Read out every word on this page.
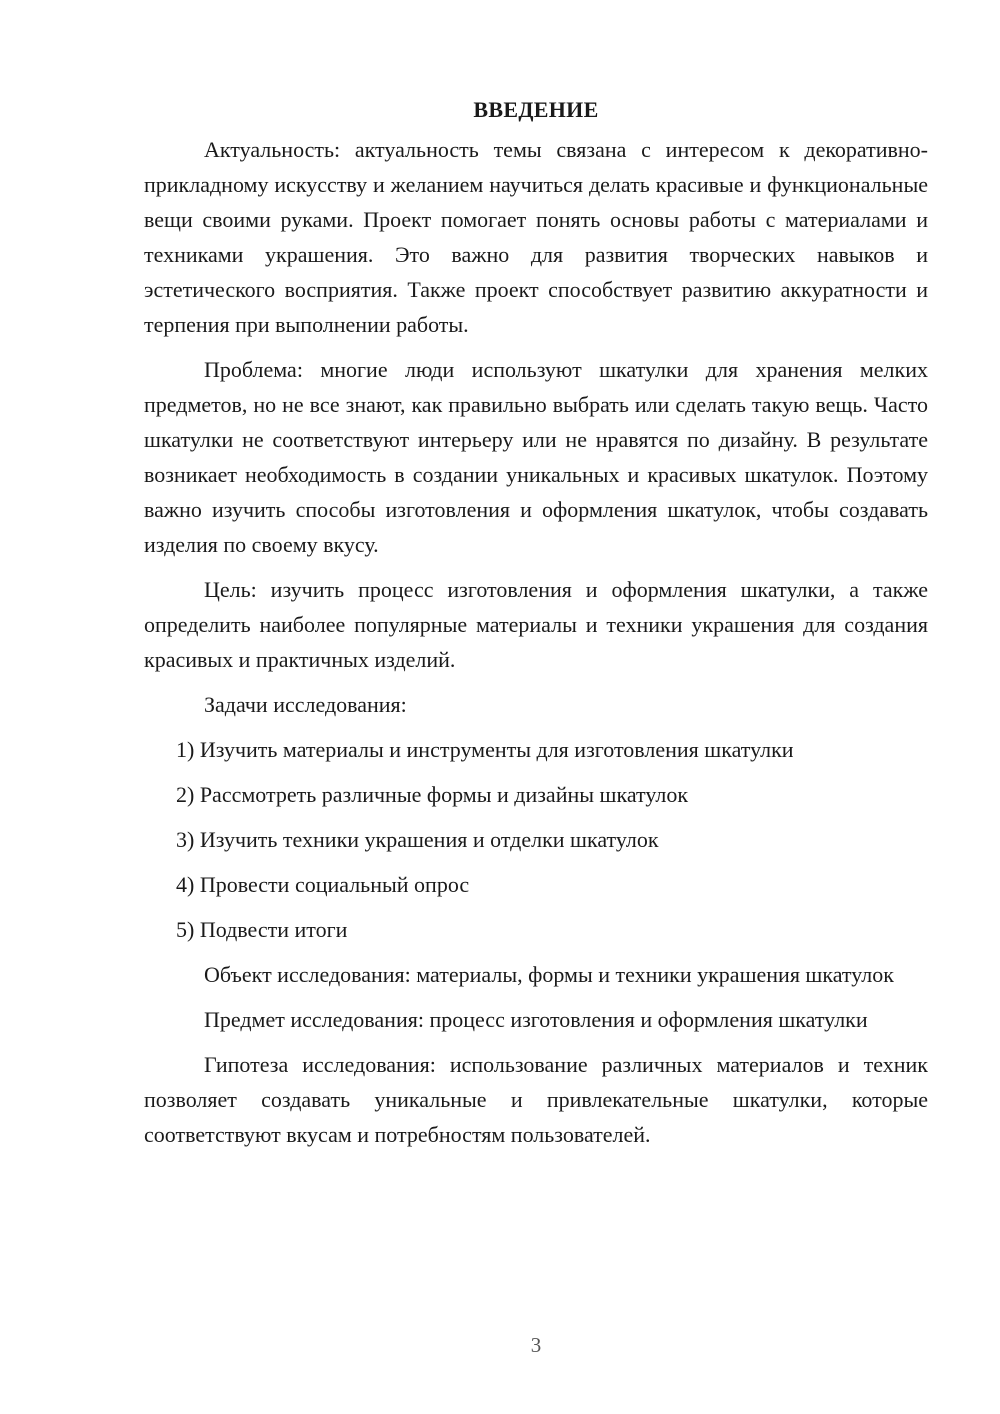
ВВЕДЕНИЕ

Актуальность: актуальность темы связана с интересом к декоративно-прикладному искусству и желанием научиться делать красивые и функциональные вещи своими руками. Проект помогает понять основы работы с материалами и техниками украшения. Это важно для развития творческих навыков и эстетического восприятия. Также проект способствует развитию аккуратности и терпения при выполнении работы.

Проблема: многие люди используют шкатулки для хранения мелких предметов, но не все знают, как правильно выбрать или сделать такую вещь. Часто шкатулки не соответствуют интерьеру или не нравятся по дизайну. В результате возникает необходимость в создании уникальных и красивых шкатулок. Поэтому важно изучить способы изготовления и оформления шкатулок, чтобы создавать изделия по своему вкусу.

Цель: изучить процесс изготовления и оформления шкатулки, а также определить наиболее популярные материалы и техники украшения для создания красивых и практичных изделий.

Задачи исследования:

1) Изучить материалы и инструменты для изготовления шкатулки
2) Рассмотреть различные формы и дизайны шкатулок
3) Изучить техники украшения и отделки шкатулок
4) Провести социальный опрос
5) Подвести итоги

Объект исследования: материалы, формы и техники украшения шкатулок

Предмет исследования: процесс изготовления и оформления шкатулки

Гипотеза исследования: использование различных материалов и техник позволяет создавать уникальные и привлекательные шкатулки, которые соответствуют вкусам и потребностям пользователей.

3
